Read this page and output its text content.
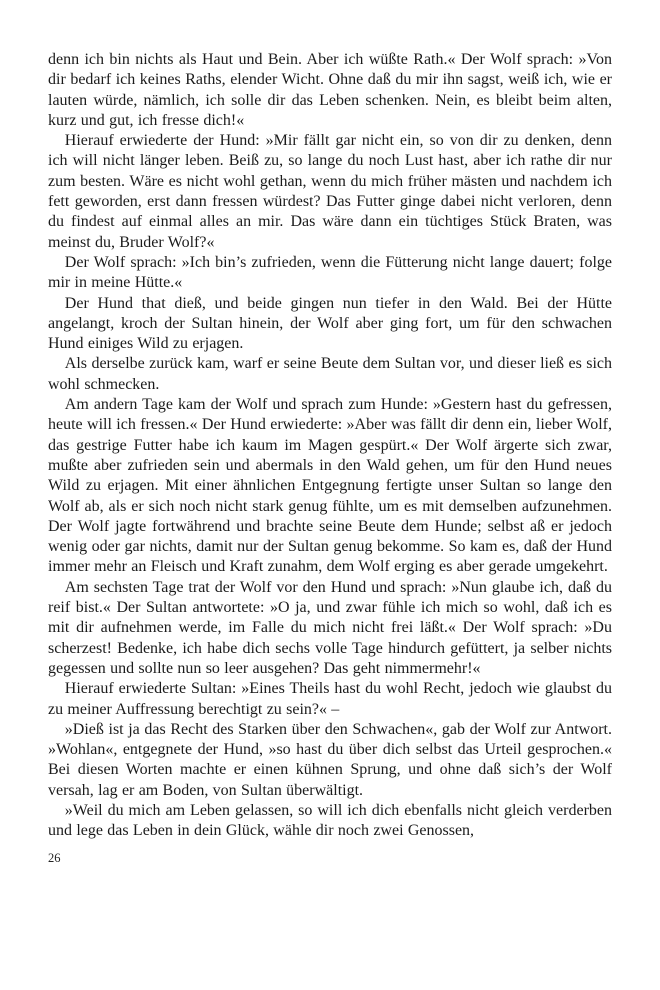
denn ich bin nichts als Haut und Bein. Aber ich wüßte Rath.« Der Wolf sprach: »Von dir bedarf ich keines Raths, elender Wicht. Ohne daß du mir ihn sagst, weiß ich, wie er lauten würde, nämlich, ich solle dir das Leben schenken. Nein, es bleibt beim alten, kurz und gut, ich fresse dich!«

Hierauf erwiederte der Hund: »Mir fällt gar nicht ein, so von dir zu denken, denn ich will nicht länger leben. Beiß zu, so lange du noch Lust hast, aber ich rathe dir nur zum besten. Wäre es nicht wohl gethan, wenn du mich früher mästen und nachdem ich fett geworden, erst dann fressen würdest? Das Futter ginge dabei nicht verloren, denn du findest auf einmal alles an mir. Das wäre dann ein tüchtiges Stück Braten, was meinst du, Bruder Wolf?«

Der Wolf sprach: »Ich bin’s zufrieden, wenn die Fütterung nicht lange dauert; folge mir in meine Hütte.«

Der Hund that dieß, und beide gingen nun tiefer in den Wald. Bei der Hütte angelangt, kroch der Sultan hinein, der Wolf aber ging fort, um für den schwachen Hund einiges Wild zu erjagen.

Als derselbe zurück kam, warf er seine Beute dem Sultan vor, und dieser ließ es sich wohl schmecken.

Am andern Tage kam der Wolf und sprach zum Hunde: »Gestern hast du gefressen, heute will ich fressen.« Der Hund erwiederte: »Aber was fällt dir denn ein, lieber Wolf, das gestrige Futter habe ich kaum im Magen gespürt.« Der Wolf ärgerte sich zwar, mußte aber zufrieden sein und abermals in den Wald gehen, um für den Hund neues Wild zu erjagen. Mit einer ähnlichen Entgegnung fertigte unser Sultan so lange den Wolf ab, als er sich noch nicht stark genug fühlte, um es mit demselben aufzunehmen. Der Wolf jagte fortwährend und brachte seine Beute dem Hunde; selbst aß er jedoch wenig oder gar nichts, damit nur der Sultan genug bekomme. So kam es, daß der Hund immer mehr an Fleisch und Kraft zunahm, dem Wolf erging es aber gerade umgekehrt.

Am sechsten Tage trat der Wolf vor den Hund und sprach: »Nun glaube ich, daß du reif bist.« Der Sultan antwortete: »O ja, und zwar fühle ich mich so wohl, daß ich es mit dir aufnehmen werde, im Falle du mich nicht frei läßt.« Der Wolf sprach: »Du scherzest! Bedenke, ich habe dich sechs volle Tage hindurch gefüttert, ja selber nichts gegessen und sollte nun so leer ausgehen? Das geht nimmermehr!«

Hierauf erwiederte Sultan: »Eines Theils hast du wohl Recht, jedoch wie glaubst du zu meiner Auffressung berechtigt zu sein?« –

»Dieß ist ja das Recht des Starken über den Schwachen«, gab der Wolf zur Antwort. »Wohlan«, entgegnete der Hund, »so hast du über dich selbst das Urteil gesprochen.« Bei diesen Worten machte er einen kühnen Sprung, und ohne daß sich’s der Wolf versah, lag er am Boden, von Sultan überwältigt.

»Weil du mich am Leben gelassen, so will ich dich ebenfalls nicht gleich verderben und lege das Leben in dein Glück, wähle dir noch zwei Genossen,

26
